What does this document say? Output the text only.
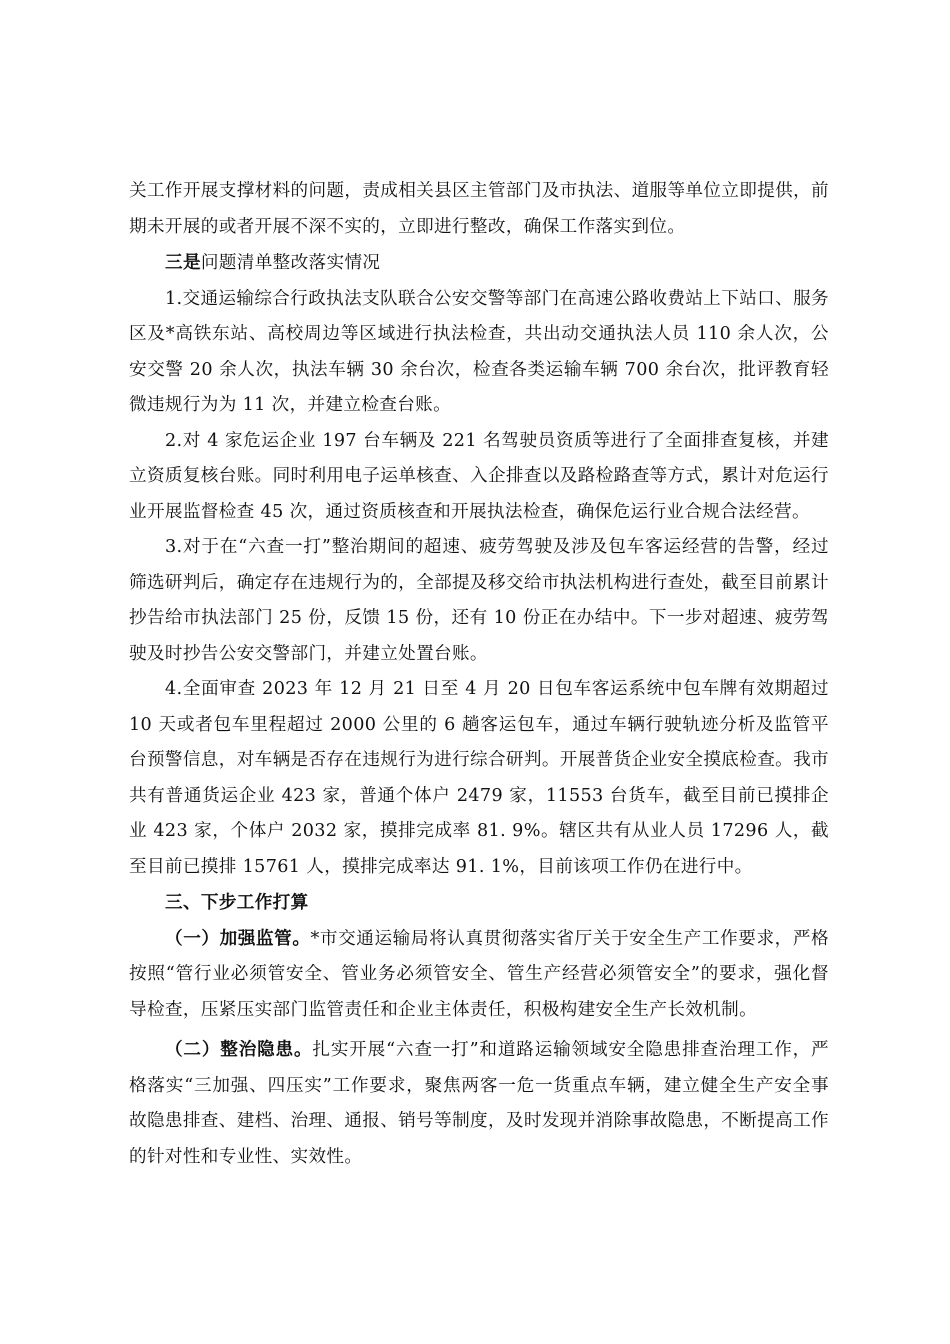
关工作开展支撑材料的问题，责成相关县区主管部门及市执法、道服等单位立即提供，前期未开展的或者开展不深不实的，立即进行整改，确保工作落实到位。

三是问题清单整改落实情况

1.交通运输综合行政执法支队联合公安交警等部门在高速公路收费站上下站口、服务区及*高铁东站、高校周边等区域进行执法检查，共出动交通执法人员 110 余人次，公安交警 20 余人次，执法车辆 30 余台次，检查各类运输车辆 700 余台次，批评教育轻微违规行为为 11 次，并建立检查台账。

2.对 4 家危运企业 197 台车辆及 221 名驾驶员资质等进行了全面排查复核，并建立资质复核台账。同时利用电子运单核查、入企排查以及路检路查等方式，累计对危运行业开展监督检查 45 次，通过资质核查和开展执法检查，确保危运行业合规合法经营。

3.对于在“六查一打”整治期间的超速、疲劳驾驶及涉及包车客运经营的告警，经过筛选研判后，确定存在违规行为的，全部提及移交给市执法机构进行查处，截至目前累计抄告给市执法部门 25 份，反馈 15 份，还有 10 份正在办结中。下一步对超速、疲劳驾驶及时抄告公安交警部门，并建立处置台账。

4.全面审查 2023 年 12 月 21 日至 4 月 20 日包车客运系统中包车牌有效期超过 10 天或者包车里程超过 2000 公里的 6 趟客运包车，通过车辆行驶轨迹分析及监管平台预警信息，对车辆是否存在违规行为进行综合研判。开展普货企业安全摸底检查。我市共有普通货运企业 423 家，普通个体户 2479 家，11553 台货车，截至目前已摸排企业 423 家，个体户 2032 家，摸排完成率 81. 9%。辖区共有从业人员 17296 人，截至目前已摸排 15761 人，摸排完成率达 91. 1%，目前该项工作仍在进行中。

三、下步工作打算

（一）加强监管。*市交通运输局将认真贯彻落实省厅关于安全生产工作要求，严格按照“管行业必须管安全、管业务必须管安全、管生产经营必须管安全”的要求，强化督导检查，压紧压实部门监管责任和企业主体责任，积极构建安全生产长效机制。

（二）整治隐患。扎实开展“六查一打”和道路运输领域安全隐患排查治理工作，严格落实“三加强、四压实”工作要求，聚焦两客一危一货重点车辆，建立健全生产安全事故隐患排查、建档、治理、通报、销号等制度，及时发现并消除事故隐患，不断提高工作的针对性和专业性、实效性。
